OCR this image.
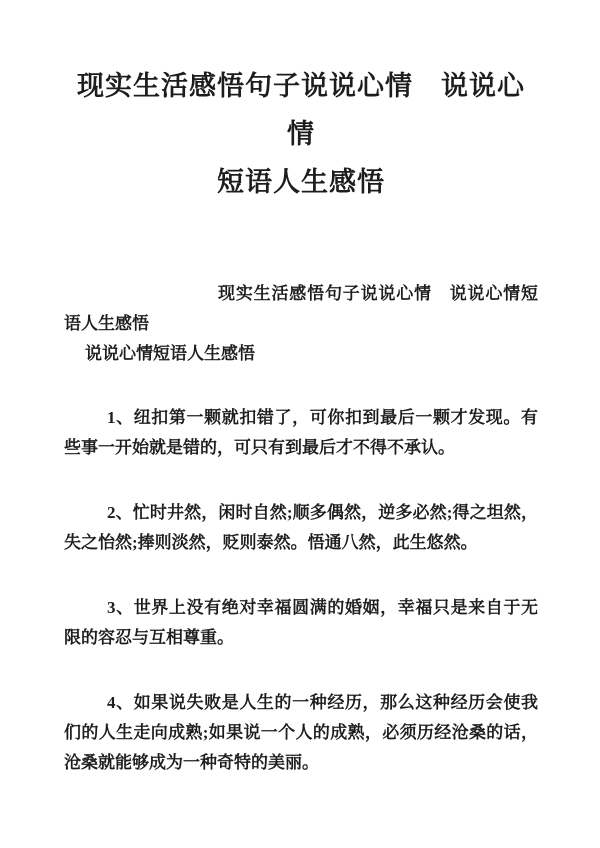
现实生活感悟句子说说心情　说说心情
短语人生感悟

现实生活感悟句子说说心情　说说心情短语人生感悟

说说心情短语人生感悟

1、纽扣第一颗就扣错了，可你扣到最后一颗才发现。有些事一开始就是错的，可只有到最后才不得不承认。

2、忙时井然，闲时自然;顺多偶然，逆多必然;得之坦然，失之怡然;捧则淡然，贬则泰然。悟通八然，此生悠然。

3、世界上没有绝对幸福圆满的婚姻，幸福只是来自于无限的容忍与互相尊重。

4、如果说失败是人生的一种经历，那么这种经历会使我们的人生走向成熟;如果说一个人的成熟，必须历经沧桑的话，沧桑就能够成为一种奇特的美丽。
